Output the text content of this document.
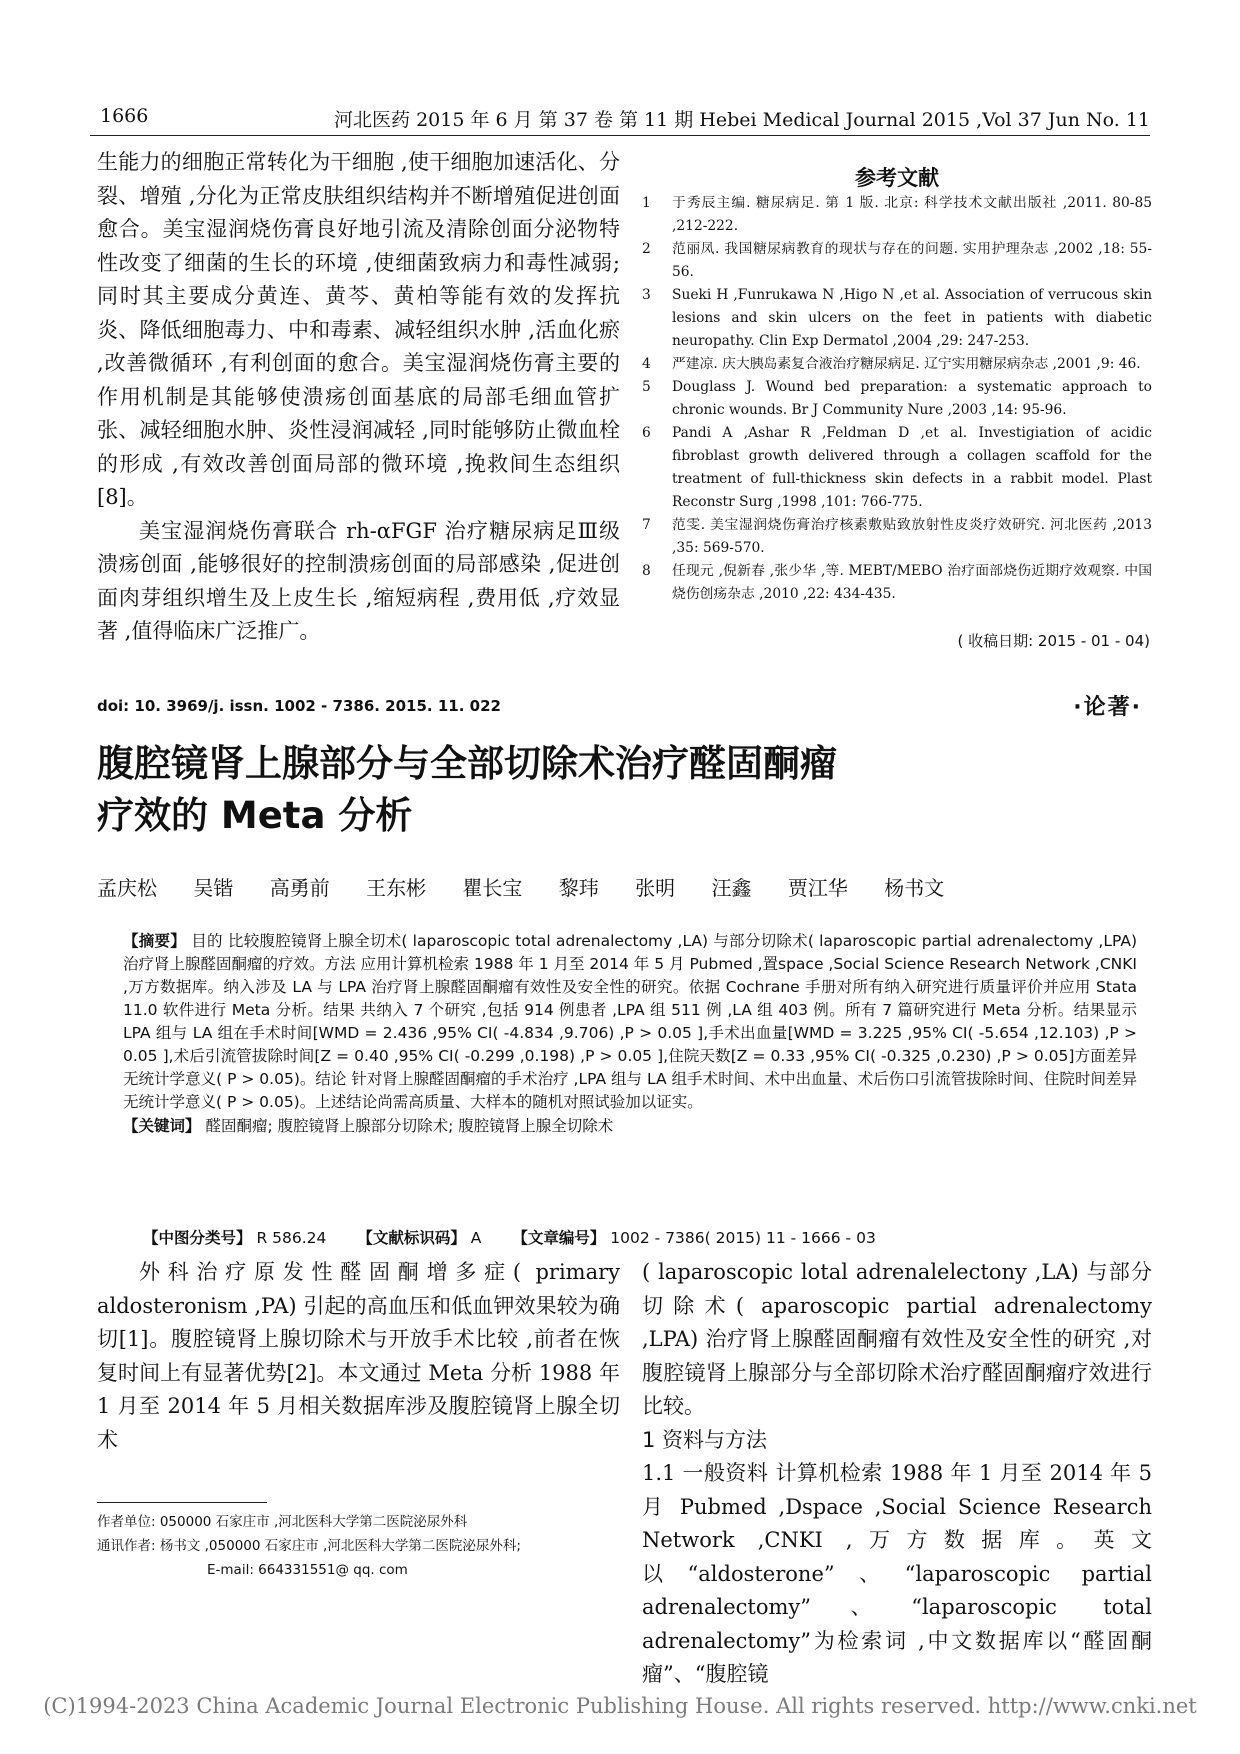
1666	河北医药 2015 年 6 月 第 37 卷 第 11 期 Hebei Medical Journal 2015 ,Vol 37 Jun No. 11

生能力的细胞正常转化为干细胞 ,使干细胞加速活化、分裂、增殖 ,分化为正常皮肤组织结构并不断增殖促进创面愈合。美宝湿润烧伤膏良好地引流及清除创面分泌物特性改变了细菌的生长的环境 ,使细菌致病力和毒性减弱;同时其主要成分黄连、黄芩、黄柏等能有效的发挥抗炎、降低细胞毒力、中和毒素、减轻组织水肿 ,活血化瘀 ,改善微循环 ,有利创面的愈合。美宝湿润烧伤膏主要的作用机制是其能够使溃疡创面基底的局部毛细血管扩张、减轻细胞水肿、炎性浸润减轻 ,同时能够防止微血栓的形成 ,有效改善创面局部的微环境 ,挽救间生态组织[8]。

美宝湿润烧伤膏联合 rh-αFGF 治疗糖尿病足Ⅲ级溃疡创面 ,能够很好的控制溃疡创面的局部感染 ,促进创面肉芽组织增生及上皮生长 ,缩短病程 ,费用低 ,疗效显著 ,值得临床广泛推广。

参考文献
1 于秀辰主编. 糖尿病足. 第 1 版. 北京: 科学技术文献出版社 ,2011. 80-85 ,212-222.
2 范丽凤. 我国糖尿病教育的现状与存在的问题. 实用护理杂志 ,2002 ,18: 55-56.
3 Sueki H ,Funrukawa N ,Higo N ,et al. Association of verrucous skin lesions and skin ulcers on the feet in patients with diabetic neuropathy. Clin Exp Dermatol ,2004 ,29: 247-253.
4 严建凉. 庆大胰岛素复合液治疗糖尿病足. 辽宁实用糖尿病杂志 ,2001 ,9: 46.
5 Douglass J. Wound bed preparation: a systematic approach to chronic wounds. Br J Community Nure ,2003 ,14: 95-96.
6 Pandi A ,Ashar R ,Feldman D ,et al. Investigiation of acidic fibroblast growth delivered through a collagen scaffold for the treatment of full-thickness skin defects in a rabbit model. Plast Reconstr Surg ,1998 ,101: 766-775.
7 范雯. 美宝湿润烧伤膏治疗核素敷贴致放射性皮炎疗效研究. 河北医药 ,2013 ,35: 569-570.
8 任现元 ,倪新春 ,张少华 ,等. MEBT/MEBO 治疗面部烧伤近期疗效观察. 中国烧伤创疡杂志 ,2010 ,22: 434-435.
( 收稿日期: 2015 - 01 - 04)
doi: 10. 3969/j. issn. 1002 - 7386. 2015. 11. 022	·论著·
腹腔镜肾上腺部分与全部切除术治疗醛固酮瘤
疗效的 Meta 分析
孟庆松 吴锴 高勇前 王东彬 瞿长宝 黎玮 张明 汪鑫 贾江华 杨书文

【摘要】 目的 比较腹腔镜肾上腺全切术( laparoscopic total adrenalectomy ,LA) 与部分切除术( laparoscopic partial adrenalectomy ,LPA) 治疗肾上腺醛固酮瘤的疗效。方法 应用计算机检索 1988 年 1 月至 2014 年 5 月 Pubmed ,置space ,Social Science Research Network ,CNKI ,万方数据库。纳入涉及 LA 与 LPA 治疗肾上腺醛固酮瘤有效性及安全性的研究。依据 Cochrane 手册对所有纳入研究进行质量评价并应用 Stata 11.0 软件进行 Meta 分析。结果 共纳入 7 个研究 ,包括 914 例患者 ,LPA 组 511 例 ,LA 组 403 例。所有 7 篇研究进行 Meta 分析。结果显示 LPA 组与 LA 组在手术时间[WMD = 2.436 ,95% CI( -4.834 ,9.706) ,P > 0.05 ],手术出血量[WMD = 3.225 ,95% CI( -5.654 ,12.103) ,P > 0.05 ],术后引流管拔除时间[Z = 0.40 ,95% CI( -0.299 ,0.198) ,P > 0.05 ],住院天数[Z = 0.33 ,95% CI( -0.325 ,0.230) ,P > 0.05]方面差异无统计学意义( P > 0.05)。结论 针对肾上腺醛固酮瘤的手术治疗 ,LPA 组与 LA 组手术时间、术中出血量、术后伤口引流管拔除时间、住院时间差异无统计学意义( P > 0.05)。上述结论尚需高质量、大样本的随机对照试验加以证实。

【关键词】 醛固酮瘤; 腹腔镜肾上腺部分切除术; 腹腔镜肾上腺全切除术

【中图分类号】 R 586.24 【文献标识码】 A 【文章编号】 1002 - 7386( 2015) 11 - 1666 - 03

外科治疗原发性醛固酮增多症( primary aldosteronism ,PA) 引起的高血压和低血钾效果较为确切[1]。腹腔镜肾上腺切除术与开放手术比较 ,前者在恢复时间上有显著优势[2]。本文通过 Meta 分析 1988 年 1 月至 2014 年 5 月相关数据库涉及腹腔镜肾上腺全切术

( laparoscopic lotal adrenalelectony ,LA) 与部分切除术( aparoscopic partial adrenalectomy ,LPA) 治疗肾上腺醛固酮瘤有效性及安全性的研究 ,对腹腔镜肾上腺部分与全部切除术治疗醛固酮瘤疗效进行比较。

1 资料与方法

1.1 一般资料 计算机检索 1988 年 1 月至 2014 年 5 月 Pubmed ,Dspace ,Social Science Research Network ,CNKI ,万方数据库。英文以“aldosterone”、“laparoscopic partial adrenalectomy”、“laparoscopic total adrenalectomy”为检索词 ,中文数据库以“醛固酮瘤”、“腹腔镜

作者单位: 050000 石家庄市 ,河北医科大学第二医院泌尿外科

通讯作者: 杨书文 ,050000 石家庄市 ,河北医科大学第二医院泌尿外科;

E-mail: 664331551@ qq. com

(C)1994-2023 China Academic Journal Electronic Publishing House. All rights reserved. http://www.cnki.net
